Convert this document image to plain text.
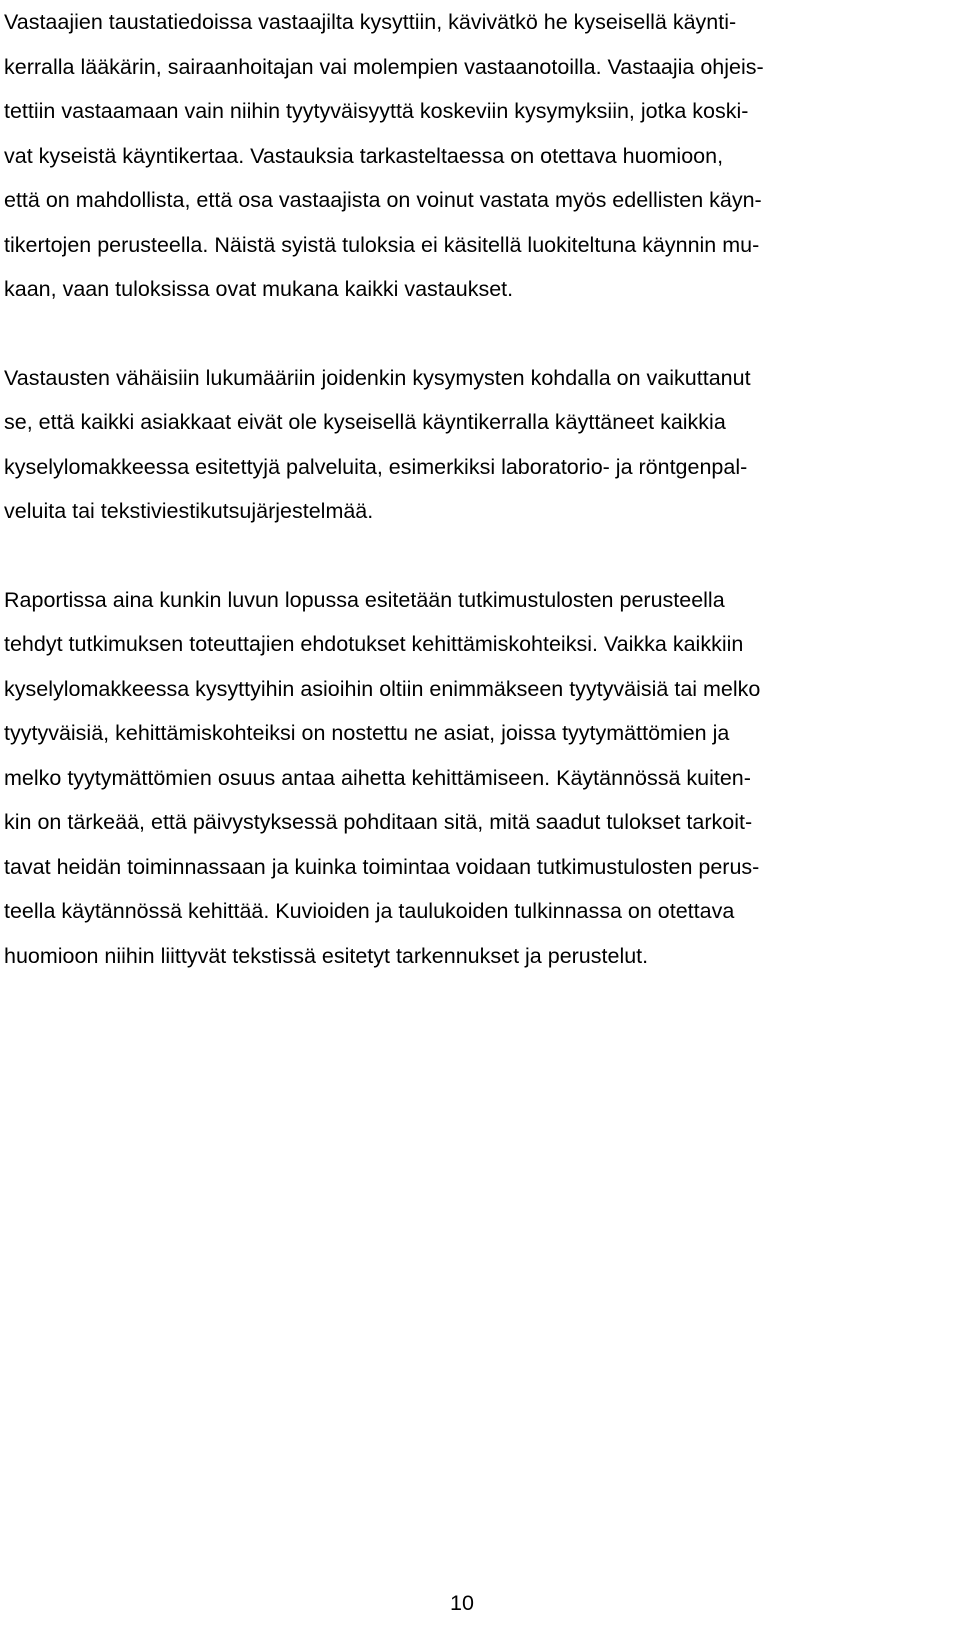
Vastaajien taustatiedoissa vastaajilta kysyttiin, kävivätkö he kyseisellä käynti-
kerralla lääkärin, sairaanhoitajan vai molempien vastaanotoilla. Vastaajia ohjeis-
tettiin vastaamaan vain niihin tyytyväisyyttä koskeviin kysymyksiin, jotka koski-
vat kyseistä käyntikertaa. Vastauksia tarkasteltaessa on otettava huomioon,
että on mahdollista, että osa vastaajista on voinut vastata myös edellisten käyn-
tikertojen perusteella. Näistä syistä tuloksia ei käsitellä luokiteltuna käynnin mu-
kaan, vaan tuloksissa ovat mukana kaikki vastaukset.

Vastausten vähäisiin lukumääriin joidenkin kysymysten kohdalla on vaikuttanut
se, että kaikki asiakkaat eivät ole kyseisellä käyntikerralla käyttäneet kaikkia
kyselylomakkeessa esitettyjä palveluita, esimerkiksi laboratorio- ja röntgenpal-
veluita tai tekstiviestikutsujärjestelmää.

Raportissa aina kunkin luvun lopussa esitetään tutkimustulosten perusteella
tehdyt tutkimuksen toteuttajien ehdotukset kehittämiskohteiksi. Vaikka kaikkiin
kyselylomakkeessa kysyttyihin asioihin oltiin enimmäkseen tyytyväisiä tai melko
tyytyväisiä, kehittämiskohteiksi on nostettu ne asiat, joissa tyytymättömien ja
melko tyytymättömien osuus antaa aihetta kehittämiseen. Käytännössä kuiten-
kin on tärkeää, että päivystyksessä pohditaan sitä, mitä saadut tulokset tarkoit-
tavat heidän toiminnassaan ja kuinka toimintaa voidaan tutkimustulosten perus-
teella käytännössä kehittää. Kuvioiden ja taulukoiden tulkinnassa on otettava
huomioon niihin liittyvät tekstissä esitetyt tarkennukset ja perustelut.

10
